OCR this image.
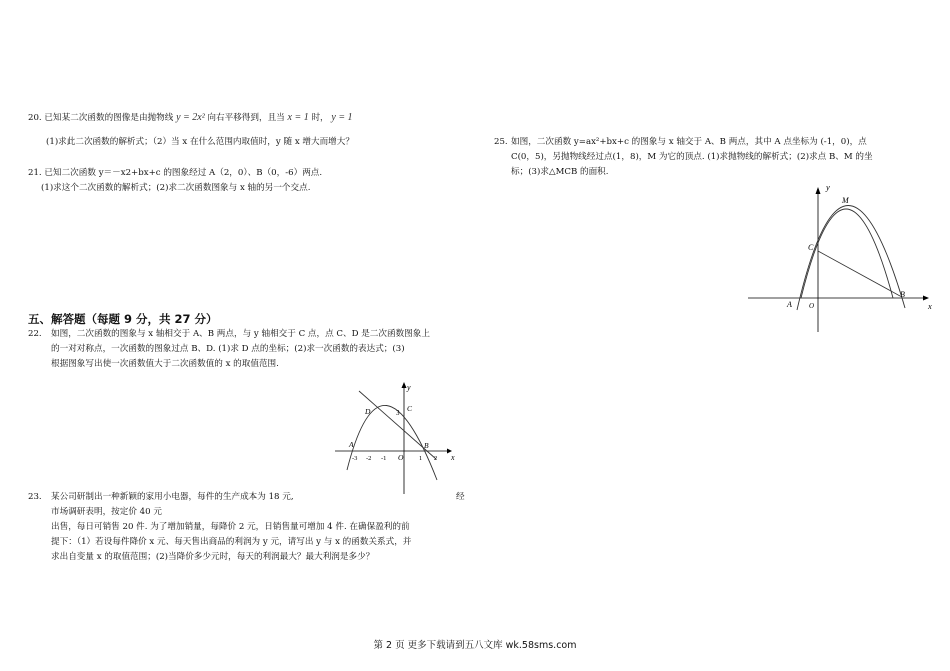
20. 已知某二次函数的图像是由抛物线 y = 2x² 向右平移得到，且当 x = 1 时， y = 1
(1)求此二次函数的解析式；（2）当 x 在什么范围内取值时，y 随 x 增大而增大？
21. 已知二次函数 y＝－x2+bx+c 的图象经过 A（2，0）、B（0，-6）两点.
(1)求这个二次函数的解析式；(2)求二次函数图象与 x 轴的另一个交点.
五、解答题（每题 9 分，共 27 分）
22. 如图，二次函数的图象与 x 轴相交于 A、B 两点，与 y 轴相交于 C 点，点 C、D 是二次函数图象上
的一对对称点，一次函数的图象过点 B、D. (1)求 D 点的坐标；(2)求一次函数的表达式；(3)
根据图象写出使一次函数值大于二次函数值的 x 的取值范围.
y
x
A	B
C
D
O
3
-3 -2 -1	1 2
23. 某公司研制出一种新颖的家用小电器，每件的生产成本为 18 元,	经
市场调研表明，按定价 40 元
出售，每日可销售 20 件. 为了增加销量，每降价 2 元，日销售量可增加 4 件. 在确保盈利的前
提下：（1）若设每件降价 x 元、每天售出商品的利润为 y 元，请写出 y 与 x 的函数关系式，并
求出自变量 x 的取值范围；(2)当降价多少元时，每天的利润最大？最大利润是多少？
25. 如图，二次函数 y=ax²+bx+c 的图象与 x 轴交于 A、B 两点，其中 A 点坐标为 (-1，0)，点
C(0，5)，另抛物线经过点(1，8)，M 为它的顶点. (1)求抛物线的解析式；(2)求点 B、M 的坐
标；(3)求△MCB 的面积.
y
x
A
B
C
M
O
第 2 页 更多下载请到五八文库 wk.58sms.com
